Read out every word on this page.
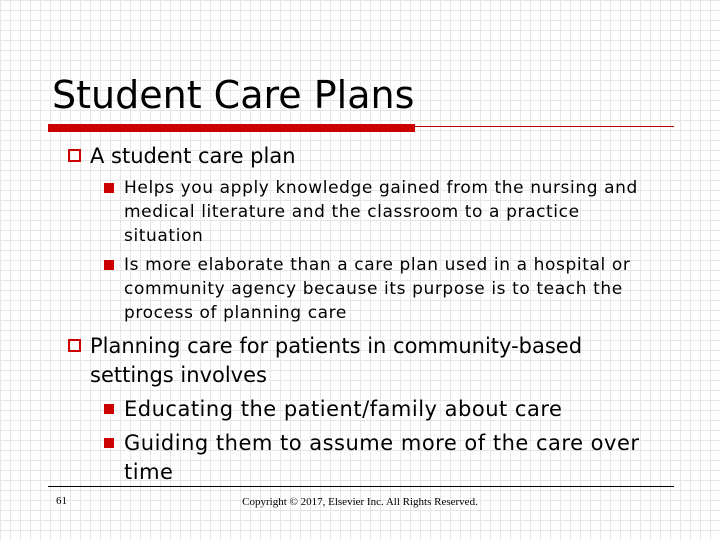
Student Care Plans
A student care plan
Helps you apply knowledge gained from the nursing and medical literature and the classroom to a practice situation
Is more elaborate than a care plan used in a hospital or community agency because its purpose is to teach the process of planning care
Planning care for patients in community-based settings involves
Educating the patient/family about care
Guiding them to assume more of the care over time
61	Copyright © 2017, Elsevier Inc. All Rights Reserved.
